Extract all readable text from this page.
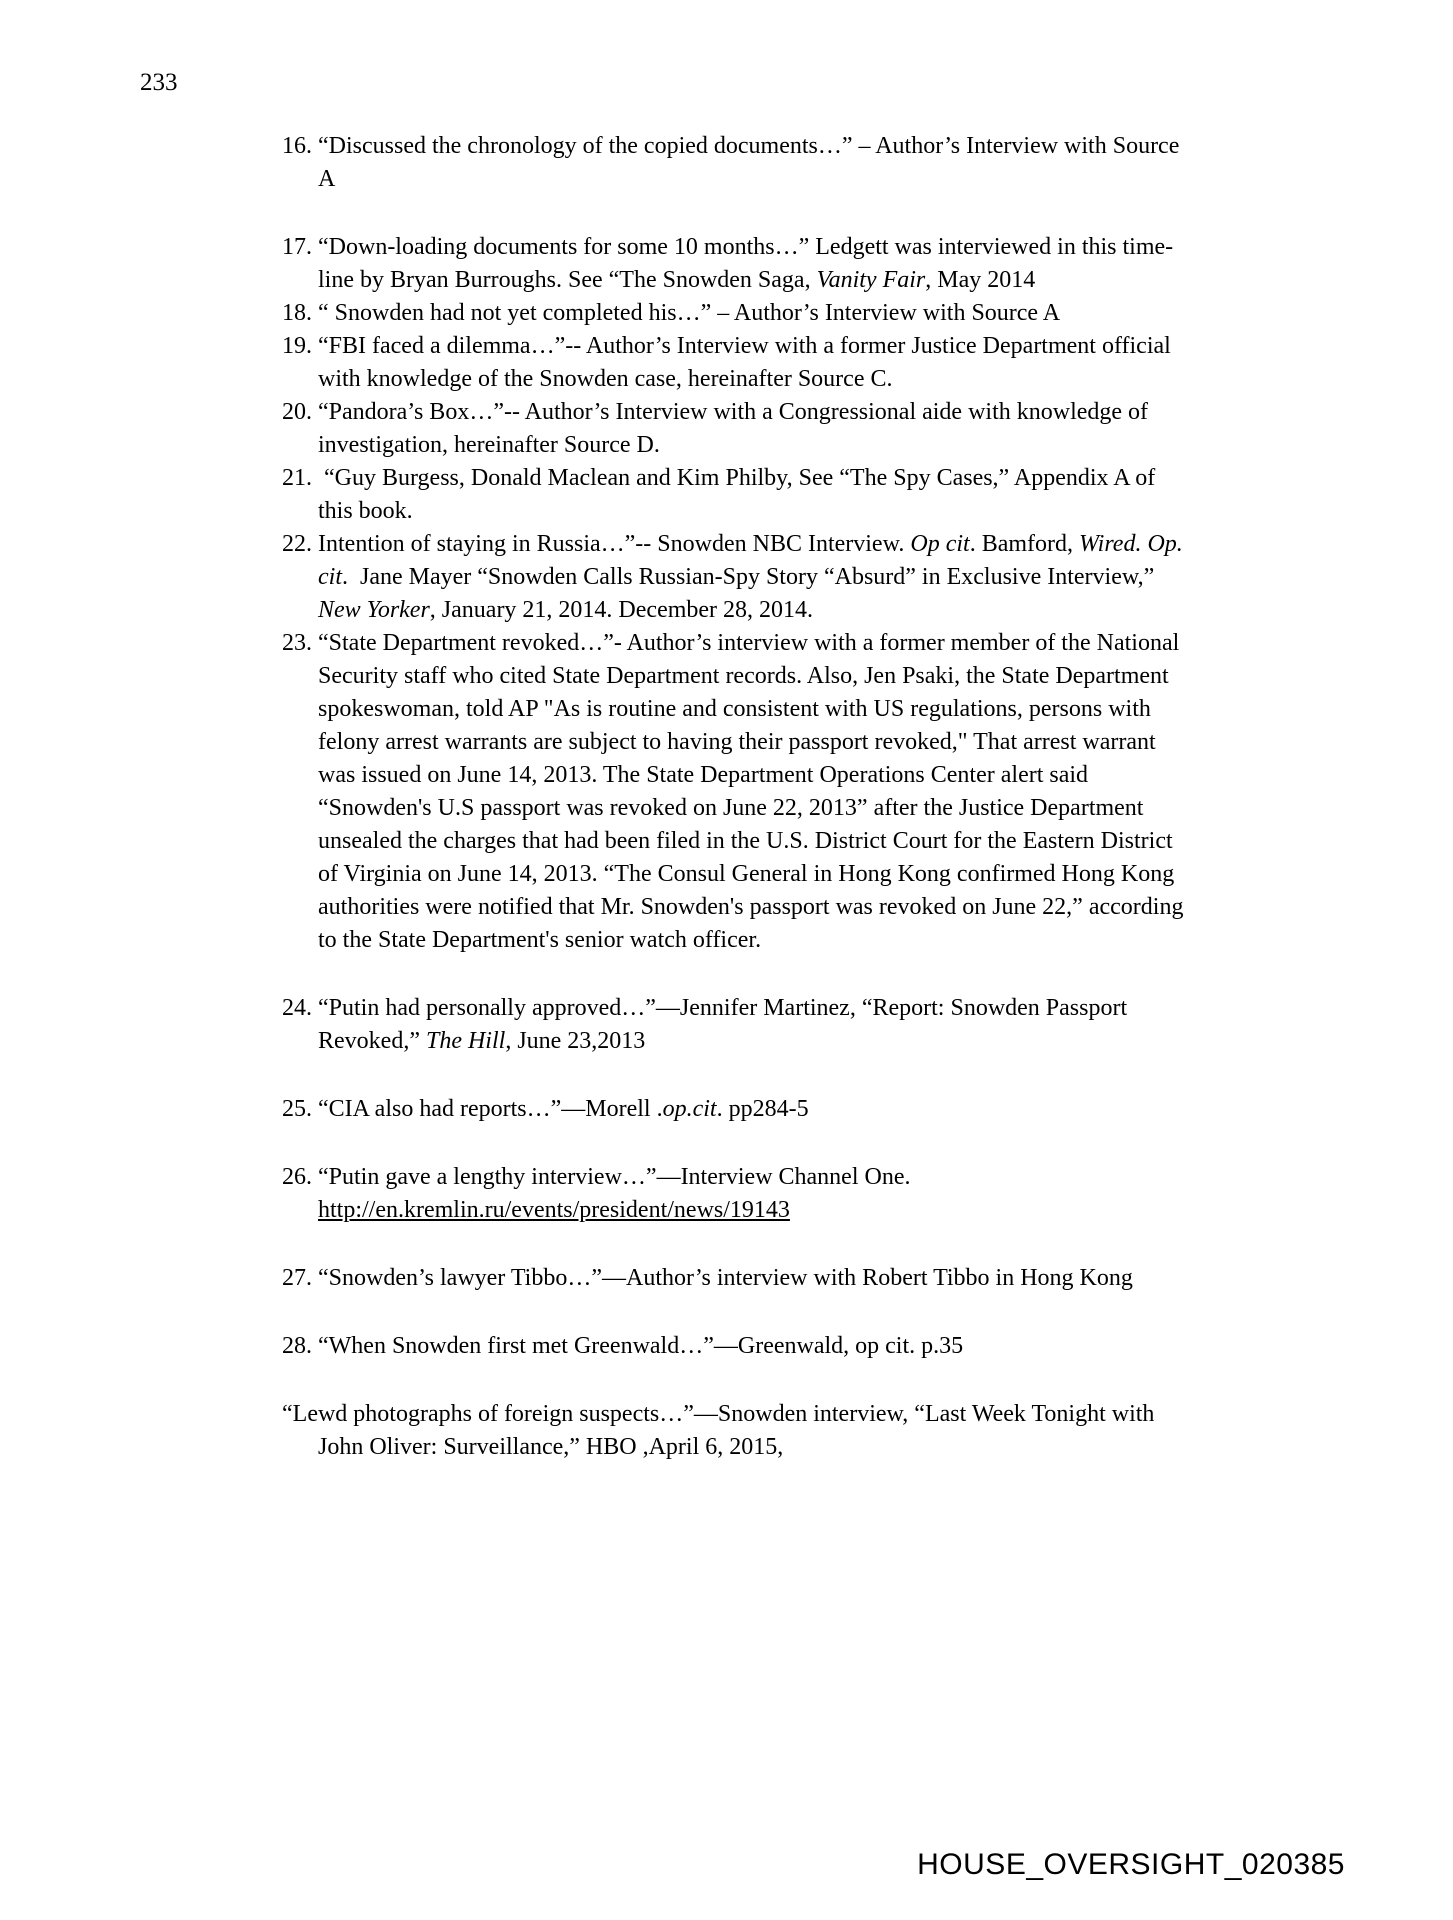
233
16. “Discussed the chronology of the copied documents…” – Author’s Interview with Source A
17. “Down-loading documents for some 10 months…” Ledgett was interviewed in this time-line by Bryan Burroughs. See “The Snowden Saga, Vanity Fair, May 2014
18. “ Snowden had not yet completed his…” – Author’s Interview with Source A
19. “FBI faced a dilemma…”-- Author’s Interview with a former Justice Department official with knowledge of the Snowden case, hereinafter Source C.
20. “Pandora’s Box…”-- Author’s Interview with a Congressional aide with knowledge of investigation, hereinafter Source D.
21. “Guy Burgess, Donald Maclean and Kim Philby, See “The Spy Cases,” Appendix A of this book.
22. Intention of staying in Russia…”-- Snowden NBC Interview. Op cit. Bamford, Wired. Op. cit.  Jane Mayer “Snowden Calls Russian-Spy Story “Absurd” in Exclusive Interview,” New Yorker, January 21, 2014. December 28, 2014.
23. “State Department revoked…”- Author’s interview with a former member of the National Security staff who cited State Department records. Also, Jen Psaki, the State Department spokeswoman, told AP "As is routine and consistent with US regulations, persons with felony arrest warrants are subject to having their passport revoked," That arrest warrant was issued on June 14, 2013. The State Department Operations Center alert said “Snowden's U.S passport was revoked on June 22, 2013” after the Justice Department unsealed the charges that had been filed in the U.S. District Court for the Eastern District of Virginia on June 14, 2013. “The Consul General in Hong Kong confirmed Hong Kong authorities were notified that Mr. Snowden's passport was revoked on June 22,” according to the State Department's senior watch officer.
24. “Putin had personally approved…”—Jennifer Martinez, “Report: Snowden Passport Revoked,” The Hill, June 23,2013
25. “CIA also had reports…”—Morell .op.cit. pp284-5
26. “Putin gave a lengthy interview…”—Interview Channel One. http://en.kremlin.ru/events/president/news/19143
27. “Snowden’s lawyer Tibbo…”—Author’s interview with Robert Tibbo in Hong Kong
28. “When Snowden first met Greenwald…”—Greenwald, op cit. p.35
“Lewd photographs of foreign suspects…”—Snowden interview, “Last Week Tonight with John Oliver: Surveillance,” HBO ,April 6, 2015,
HOUSE_OVERSIGHT_020385
